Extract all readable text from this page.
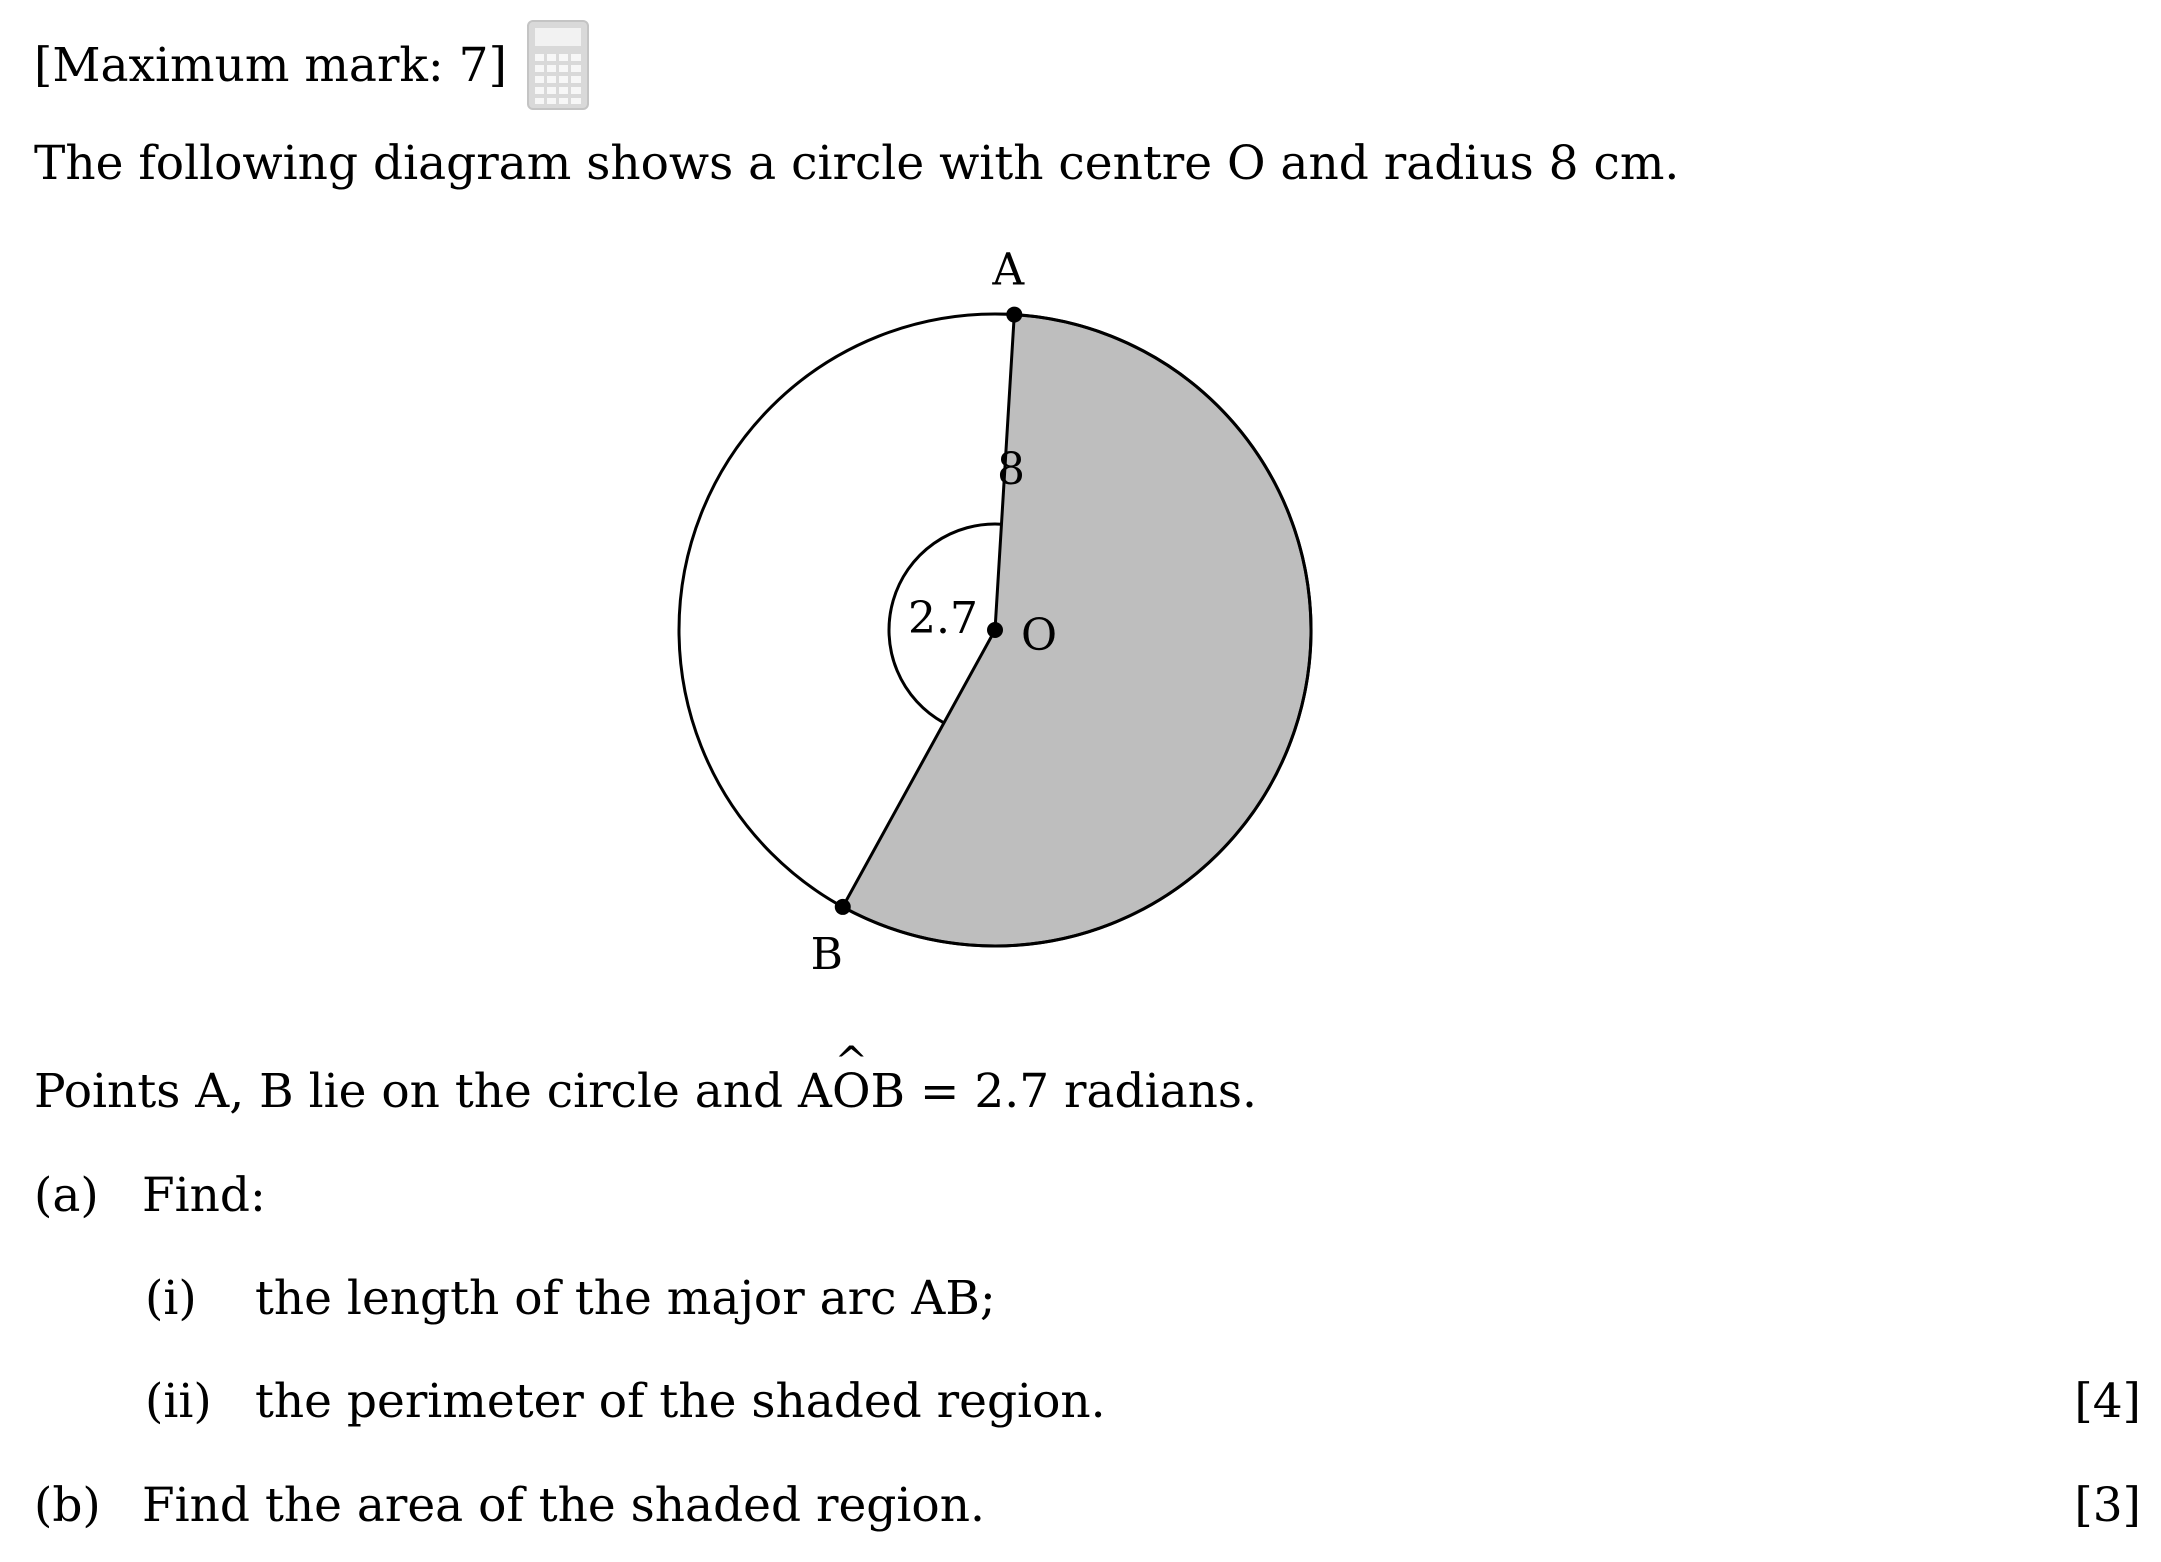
[Maximum mark: 7]
The following diagram shows a circle with centre O and radius 8 cm.
A
B
O
8
2.7
Points A, B lie on the circle and A^ OB = 2.7 radians.
(a) Find:
(i) the length of the major arc AB;
(ii) the perimeter of the shaded region.	[4]
(b) Find the area of the shaded region.	[3]
